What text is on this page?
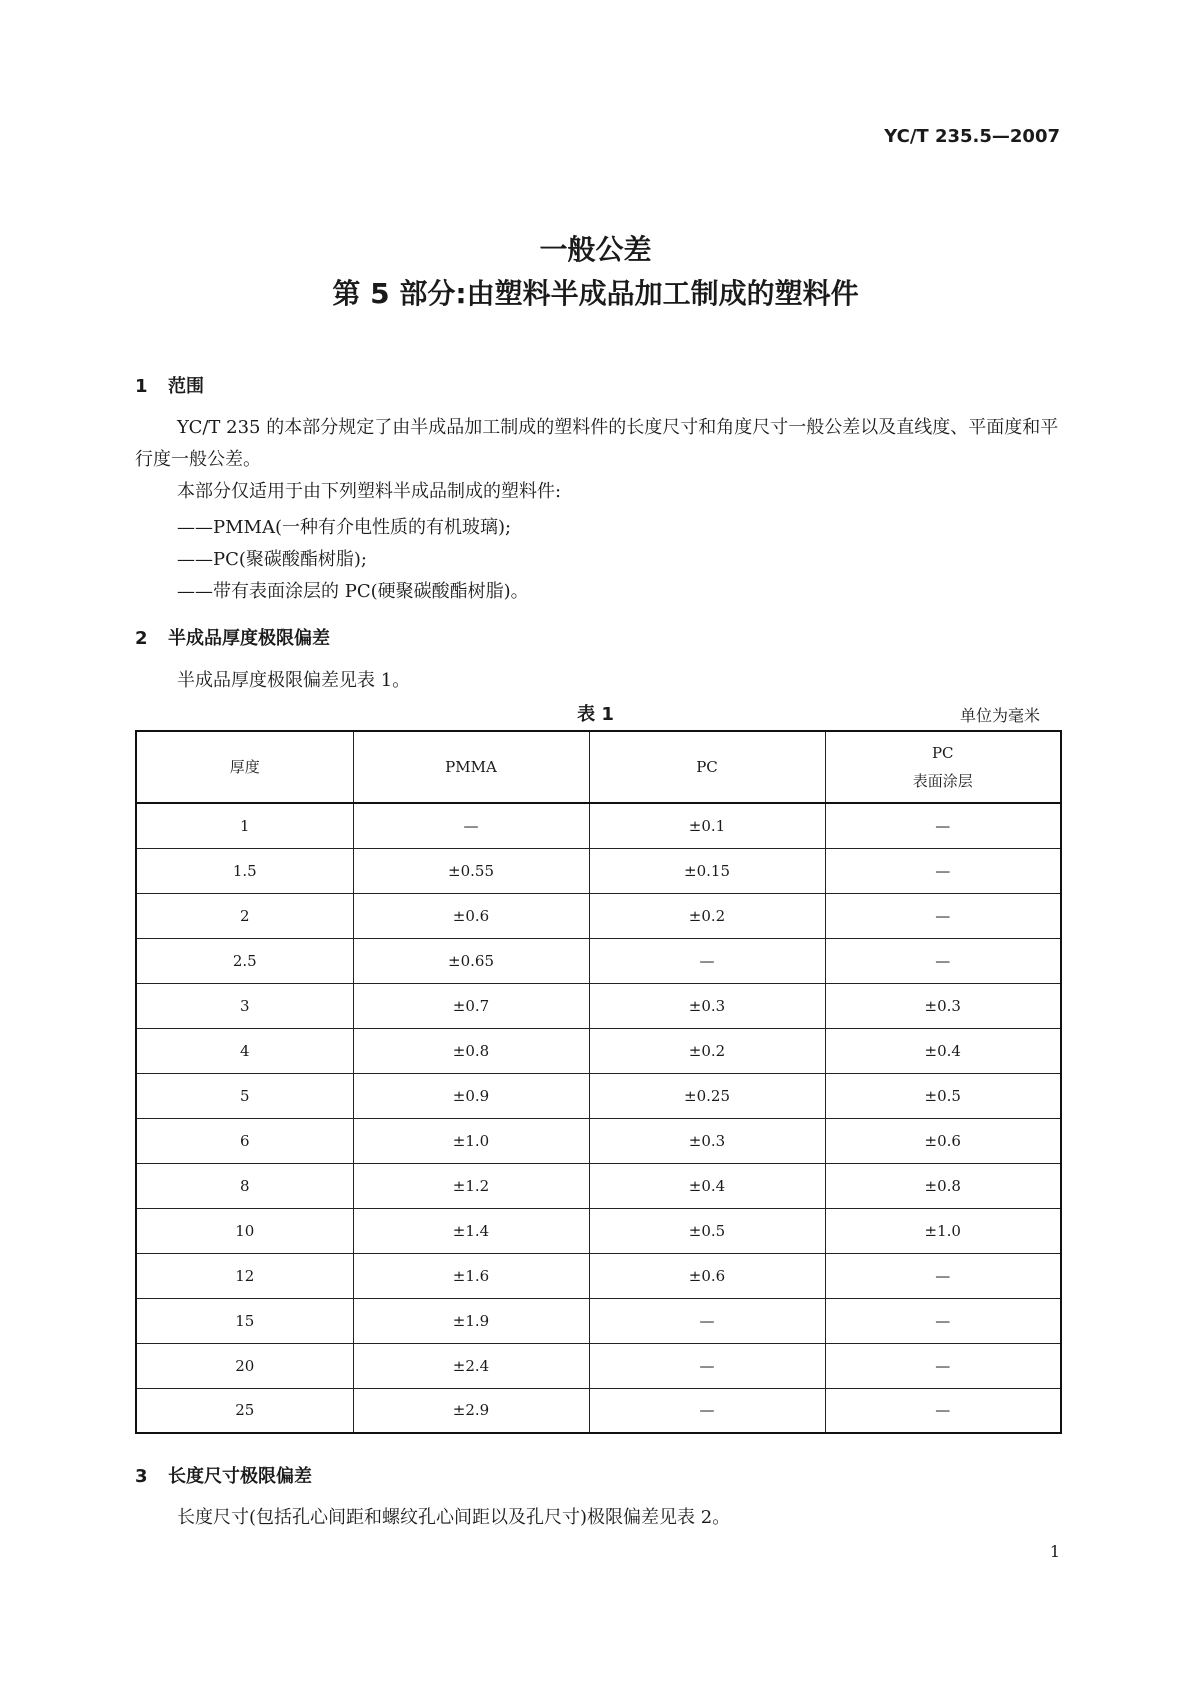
YC/T 235.5—2007
一般公差
第 5 部分:由塑料半成品加工制成的塑料件
1 范围
YC/T 235 的本部分规定了由半成品加工制成的塑料件的长度尺寸和角度尺寸一般公差以及直线度、平面度和平行度一般公差。
本部分仅适用于由下列塑料半成品制成的塑料件:
——PMMA(一种有介电性质的有机玻璃);
——PC(聚碳酸酯树脂);
——带有表面涂层的 PC(硬聚碳酸酯树脂)。
2 半成品厚度极限偏差
半成品厚度极限偏差见表 1。
表 1	单位为毫米
厚度	PMMA	PC	PC
表面涂层

1	—	±0.1	—
1.5	±0.55	±0.15	—
2	±0.6	±0.2	—
2.5	±0.65	—	—
3	±0.7	±0.3	±0.3
4	±0.8	±0.2	±0.4
5	±0.9	±0.25	±0.5
6	±1.0	±0.3	±0.6
8	±1.2	±0.4	±0.8
10	±1.4	±0.5	±1.0
12	±1.6	±0.6	—
15	±1.9	—	—
20	±2.4	—	—
25	±2.9	—	—
3 长度尺寸极限偏差
长度尺寸(包括孔心间距和螺纹孔心间距以及孔尺寸)极限偏差见表 2。
1
